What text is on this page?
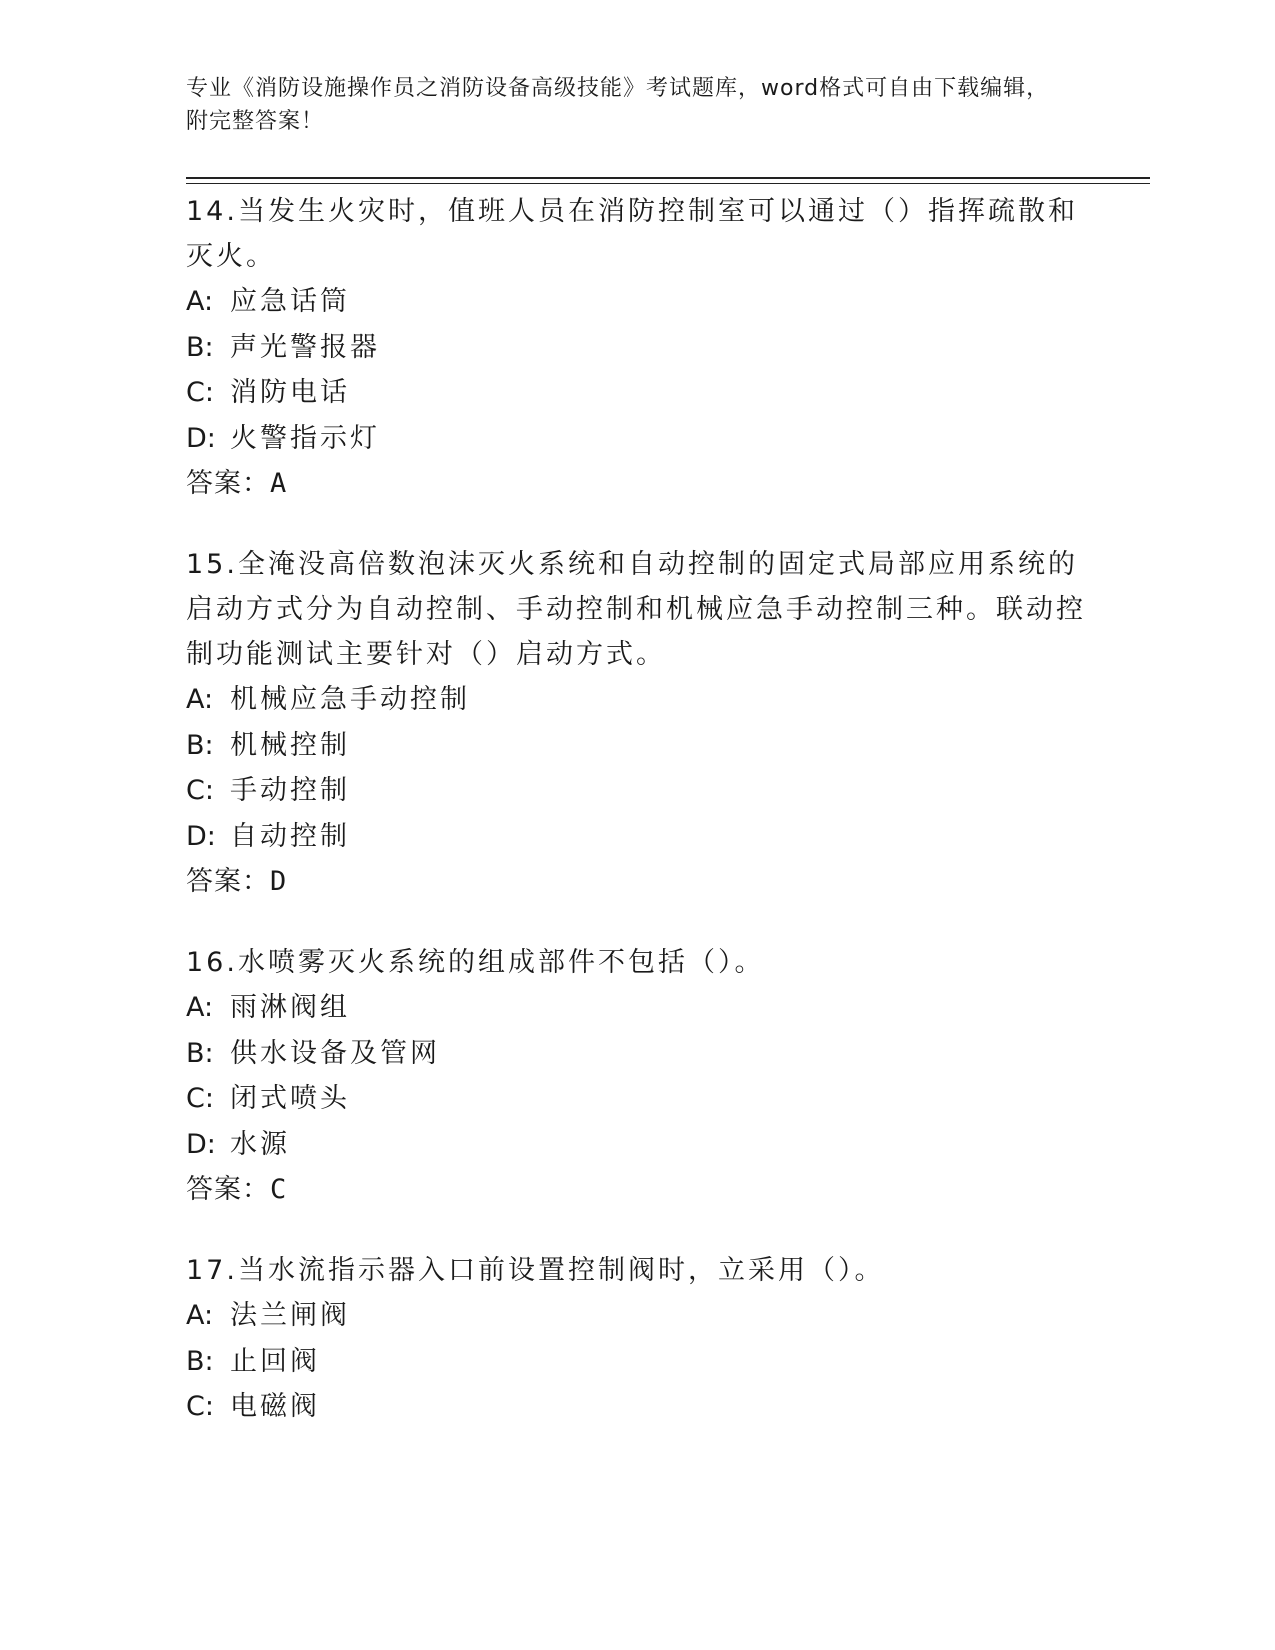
专业《消防设施操作员之消防设备高级技能》考试题库，word格式可自由下载编辑，附完整答案！
14.当发生火灾时，值班人员在消防控制室可以通过（）指挥疏散和灭火。
A: 应急话筒
B: 声光警报器
C: 消防电话
D: 火警指示灯
答案：A
15.全淹没高倍数泡沫灭火系统和自动控制的固定式局部应用系统的启动方式分为自动控制、手动控制和机械应急手动控制三种。联动控制功能测试主要针对（）启动方式。
A: 机械应急手动控制
B: 机械控制
C: 手动控制
D: 自动控制
答案：D
16.水喷雾灭火系统的组成部件不包括（）。
A: 雨淋阀组
B: 供水设备及管网
C: 闭式喷头
D: 水源
答案：C
17.当水流指示器入口前设置控制阀时，立采用（）。
A: 法兰闸阀
B: 止回阀
C: 电磁阀
